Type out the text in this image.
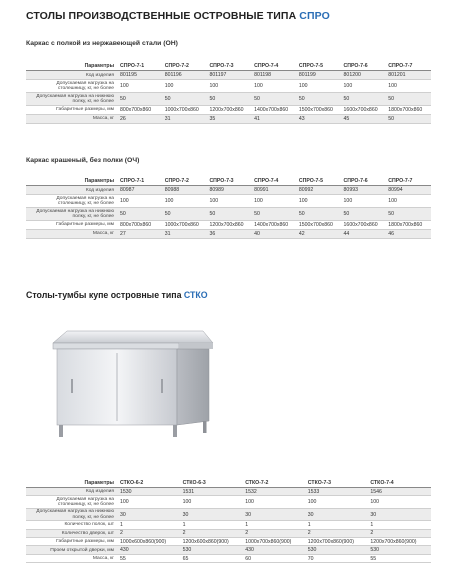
СТОЛЫ ПРОИЗВОДСТВЕННЫЕ ОСТРОВНЫЕ ТИПА СПРО
Каркас с полкой из нержавеющей стали (ОН)
Параметры	СПРО-7-1	СПРО-7-2	СПРО-7-3	СПРО-7-4	СПРО-7-5	СПРО-7-6	СПРО-7-7
Код изделия	801195	801196	801197	801198	801199	801200	801201
Допускаемая нагрузка на столешницу, кг, не более	100	100	100	100	100	100	100
Допускаемая нагрузка на нижнюю полку, кг, не более	50	50	50	50	50	50	50
Габаритные размеры, мм	800x700x860	1000x700x860	1200x700x860	1400x700x860	1500x700x860	1600x700x860	1800x700x860
Масса, кг	26	31	35	41	43	45	50
Каркас крашеный, без полки (ОЧ)
Параметры	СПРО-7-1	СПРО-7-2	СПРО-7-3	СПРО-7-4	СПРО-7-5	СПРО-7-6	СПРО-7-7
Код изделия	80987	80988	80989	80991	80992	80993	80994
Допускаемая нагрузка на столешницу, кг, не более	100	100	100	100	100	100	100
Допускаемая нагрузка на нижнюю полку, кг, не более	50	50	50	50	50	50	50
Габаритные размеры, мм	800x700x860	1000x700x860	1200x700x860	1400x700x860	1500x700x860	1600x700x860	1800x700x860
Масса, кг	27	31	36	40	42	44	46
Столы-тумбы купе островные типа СТКО
Параметры	СТКО-6-2	СТКО-6-3	СТКО-7-2	СТКО-7-3	СТКО-7-4
Код изделия	1530	1531	1532	1533	1546
Допускаемая нагрузка на столешницу, кг, не более	100	100	100	100	100
Допускаемая нагрузка на нижнюю полку, кг, не более	30	30	30	30	30
Количество полок, шт	1	1	1	1	1
Количество дверок, шт	2	2	2	2	2
Габаритные размеры, мм	1000x600x860(900)	1200x600x860(900)	1000x700x860(900)	1200x700x860(900)	1200x700x860(900)
Проем открытой дверки, мм	430	530	430	530	530
Масса, кг	55	65	60	70	55
